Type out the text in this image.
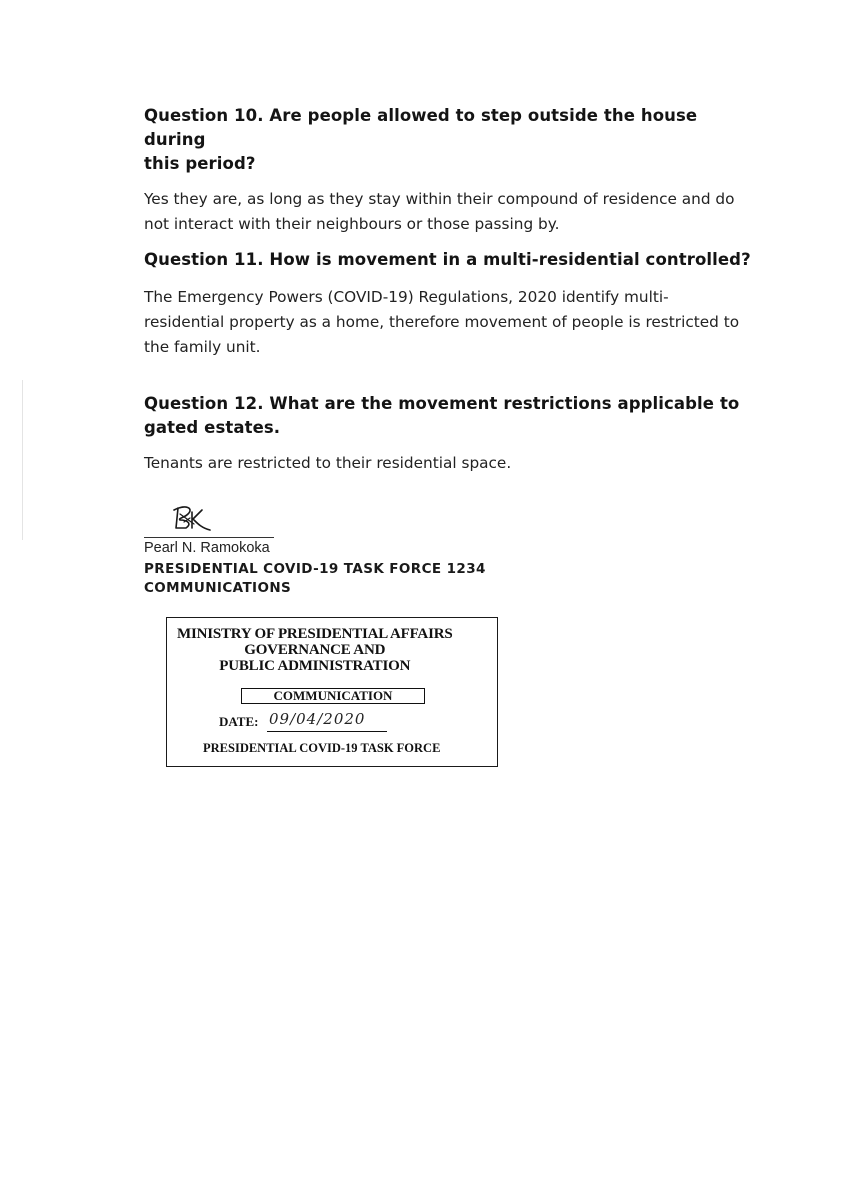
Question 10. Are people allowed to step outside the house during
this period?

Yes they are, as long as they stay within their compound of residence and do
not interact with their neighbours or those passing by.

Question 11. How is movement in a multi-residential controlled?

The Emergency Powers (COVID-19) Regulations, 2020 identify multi-
residential property as a home, therefore movement of people is restricted to
the family unit.

Question 12. What are the movement restrictions applicable to
gated estates.

Tenants are restricted to their residential space.

Pearl N. Ramokoka
PRESIDENTIAL COVID-19 TASK FORCE 1234
COMMUNICATIONS
MINISTRY OF PRESIDENTIAL AFFAIRS
GOVERNANCE AND
PUBLIC ADMINISTRATION
COMMUNICATION
DATE: 09/04/2020
PRESIDENTIAL COVID-19 TASK FORCE
